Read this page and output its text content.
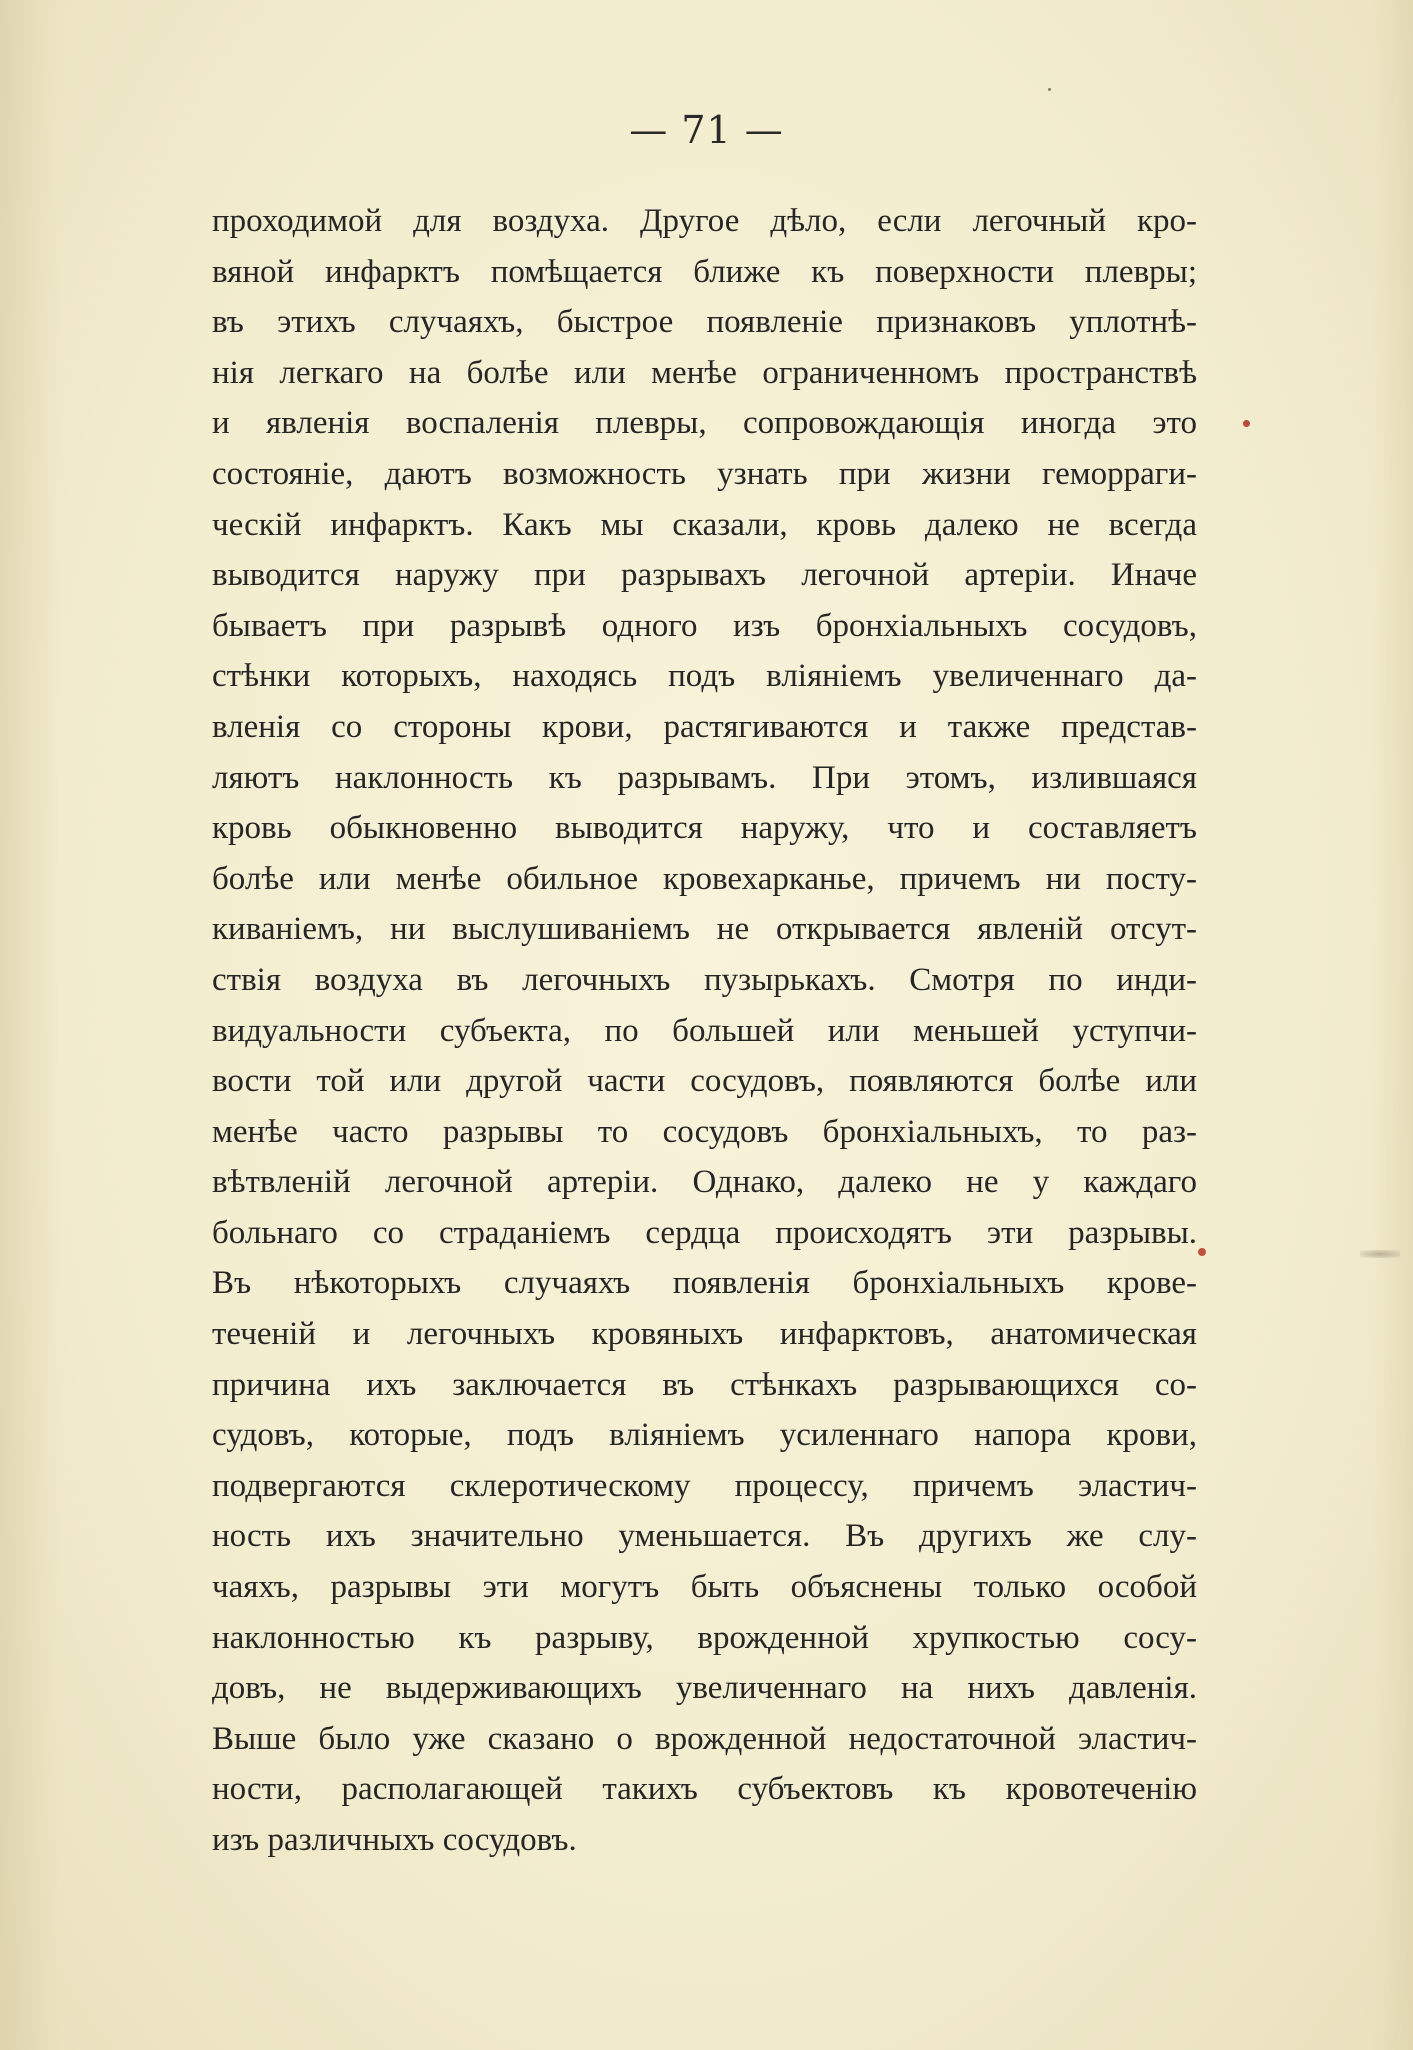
— 71 —
проходимой для воздуха. Другое дѣло, если легочный кро-
вяной инфарктъ помѣщается ближе къ поверхности плевры;
въ этихъ случаяхъ, быстрое появленіе признаковъ уплотнѣ-
нія легкаго на болѣе или менѣе ограниченномъ пространствѣ
и явленія воспаленія плевры, сопровождающія иногда это
состояніе, даютъ возможность узнать при жизни геморраги-
ческій инфарктъ. Какъ мы сказали, кровь далеко не всегда
выводится наружу при разрывахъ легочной артеріи. Иначе
бываетъ при разрывѣ одного изъ бронхіальныхъ сосудовъ,
стѣнки которыхъ, находясь подъ вліяніемъ увеличеннаго да-
вленія со стороны крови, растягиваются и также представ-
ляютъ наклонность къ разрывамъ. При этомъ, излившаяся
кровь обыкновенно выводится наружу, что и составляетъ
болѣе или менѣе обильное кровехарканье, причемъ ни посту-
киваніемъ, ни выслушиваніемъ не открывается явленій отсут-
ствія воздуха въ легочныхъ пузырькахъ. Смотря по инди-
видуальности субъекта, по большей или меньшей уступчи-
вости той или другой части сосудовъ, появляются болѣе или
менѣе часто разрывы то сосудовъ бронхіальныхъ, то раз-
вѣтвленій легочной артеріи. Однако, далеко не у каждаго
больнаго со страданіемъ сердца происходятъ эти разрывы.
Въ нѣкоторыхъ случаяхъ появленія бронхіальныхъ крове-
теченій и легочныхъ кровяныхъ инфарктовъ, анатомическая
причина ихъ заключается въ стѣнкахъ разрывающихся со-
судовъ, которые, подъ вліяніемъ усиленнаго напора крови,
подвергаются склеротическому процессу, причемъ эластич-
ность ихъ значительно уменьшается. Въ другихъ же слу-
чаяхъ, разрывы эти могутъ быть объяснены только особой
наклонностью къ разрыву, врожденной хрупкостью сосу-
довъ, не выдерживающихъ увеличеннаго на нихъ давленія.
Выше было уже сказано о врожденной недостаточной эластич-
ности, располагающей такихъ субъектовъ къ кровотеченію
изъ различныхъ сосудовъ.
